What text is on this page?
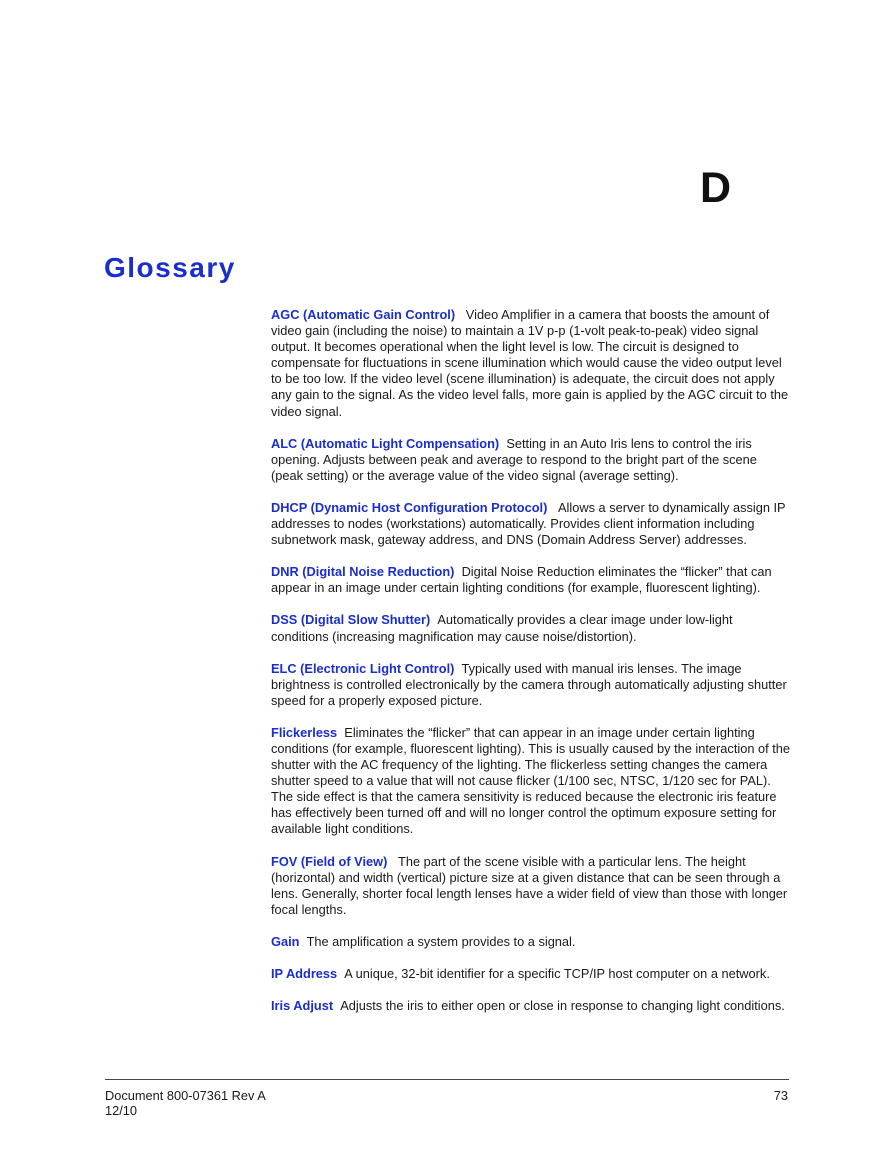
D
Glossary

AGC (Automatic Gain Control) Video Amplifier in a camera that boosts the amount of video gain (including the noise) to maintain a 1V p-p (1-volt peak-to-peak) video signal output. It becomes operational when the light level is low. The circuit is designed to compensate for fluctuations in scene illumination which would cause the video output level to be too low. If the video level (scene illumination) is adequate, the circuit does not apply any gain to the signal. As the video level falls, more gain is applied by the AGC circuit to the video signal.

ALC (Automatic Light Compensation) Setting in an Auto Iris lens to control the iris opening. Adjusts between peak and average to respond to the bright part of the scene (peak setting) or the average value of the video signal (average setting).

DHCP (Dynamic Host Configuration Protocol) Allows a server to dynamically assign IP addresses to nodes (workstations) automatically. Provides client information including subnetwork mask, gateway address, and DNS (Domain Address Server) addresses.

DNR (Digital Noise Reduction) Digital Noise Reduction eliminates the “flicker” that can appear in an image under certain lighting conditions (for example, fluorescent lighting).

DSS (Digital Slow Shutter) Automatically provides a clear image under low-light conditions (increasing magnification may cause noise/distortion).

ELC (Electronic Light Control) Typically used with manual iris lenses. The image brightness is controlled electronically by the camera through automatically adjusting shutter speed for a properly exposed picture.

Flickerless Eliminates the “flicker” that can appear in an image under certain lighting conditions (for example, fluorescent lighting). This is usually caused by the interaction of the shutter with the AC frequency of the lighting. The flickerless setting changes the camera shutter speed to a value that will not cause flicker (1/100 sec, NTSC, 1/120 sec for PAL). The side effect is that the camera sensitivity is reduced because the electronic iris feature has effectively been turned off and will no longer control the optimum exposure setting for available light conditions.

FOV (Field of View) The part of the scene visible with a particular lens. The height (horizontal) and width (vertical) picture size at a given distance that can be seen through a lens. Generally, shorter focal length lenses have a wider field of view than those with longer focal lengths.

Gain The amplification a system provides to a signal.

IP Address A unique, 32-bit identifier for a specific TCP/IP host computer on a network.

Iris Adjust Adjusts the iris to either open or close in response to changing light conditions.

Document 800-07361 Rev A
12/10
73
